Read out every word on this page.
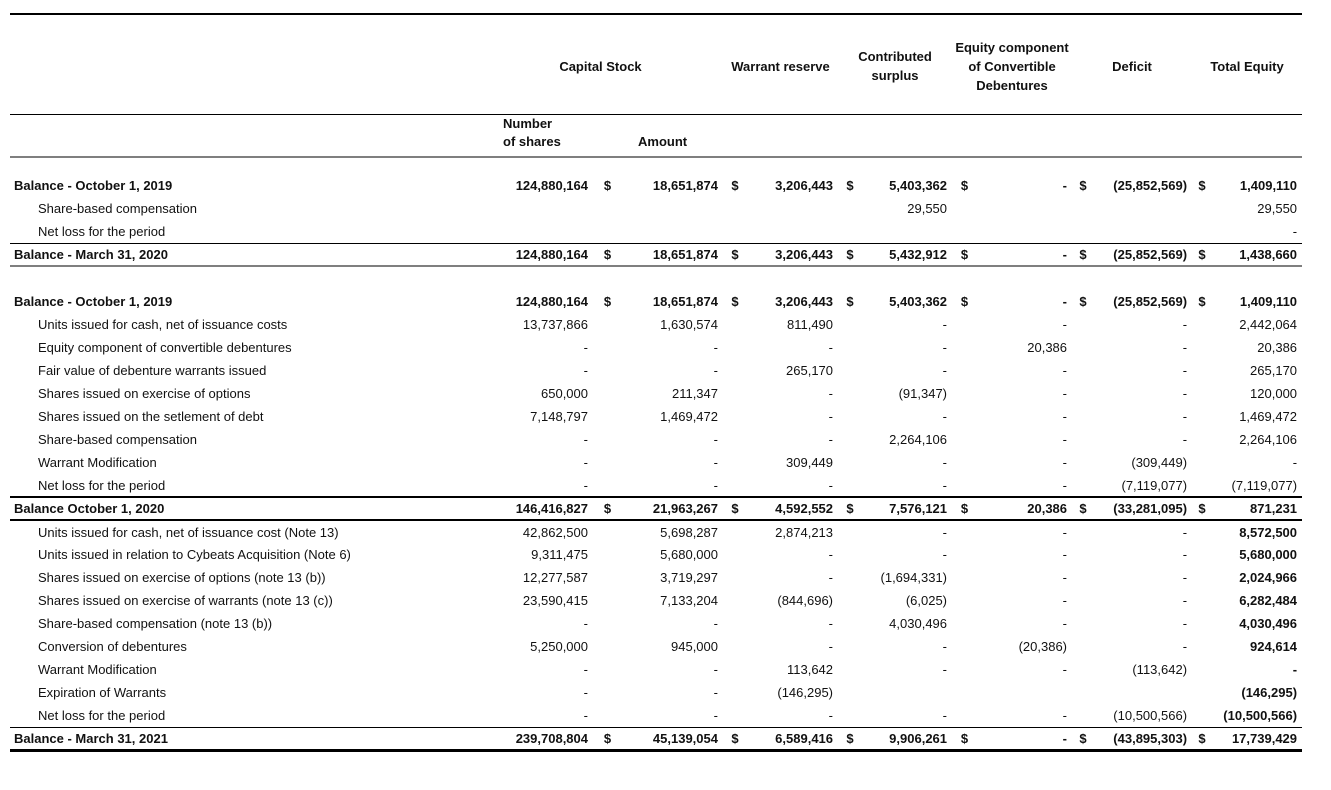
	Capital Stock			Warrant reserve		Contributed surplus		Equity component of Convertible Debentures		Deficit		Total Equity	

	Number
of shares		Amount										

Balance - October 1, 2019	124,880,164	$	18,651,874	$	3,206,443	$	5,403,362	$	-	$	(25,852,569)	$	1,409,110
Share-based compensation							29,550						29,550
Net loss for the period													-
Balance - March 31, 2020	124,880,164	$	18,651,874	$	3,206,443	$	5,432,912	$	-	$	(25,852,569)	$	1,438,660

Balance - October 1, 2019	124,880,164	$	18,651,874	$	3,206,443	$	5,403,362	$	-	$	(25,852,569)	$	1,409,110
Units issued for cash, net of issuance costs	13,737,866		1,630,574		811,490		-		-		-		2,442,064
Equity component of convertible debentures	-		-		-		-		20,386		-		20,386
Fair value of debenture warrants issued	-		-		265,170		-		-		-		265,170
Shares issued on exercise of options	650,000		211,347		-		(91,347)		-		-		120,000
Shares issued on the setlement of debt	7,148,797		1,469,472		-		-		-		-		1,469,472
Share-based compensation	-		-		-		2,264,106		-		-		2,264,106
Warrant Modification	-		-		309,449		-		-		(309,449)		-
Net loss for the period	-		-		-		-		-		(7,119,077)		(7,119,077)
Balance October 1, 2020	146,416,827	$	21,963,267	$	4,592,552	$	7,576,121	$	20,386	$	(33,281,095)	$	871,231
Units issued for cash, net of issuance cost (Note 13)	42,862,500		5,698,287		2,874,213		-		-		-		8,572,500
Units issued in relation to Cybeats Acquisition (Note 6)	9,311,475		5,680,000		-		-		-		-		5,680,000
Shares issued on exercise of options (note 13 (b))	12,277,587		3,719,297		-		(1,694,331)		-		-		2,024,966
Shares issued on exercise of warrants (note 13 (c))	23,590,415		7,133,204		(844,696)		(6,025)		-		-		6,282,484
Share-based compensation (note 13 (b))	-		-		-		4,030,496		-		-		4,030,496
Conversion of debentures	5,250,000		945,000		-		-		(20,386)		-		924,614
Warrant Modification	-		-		113,642		-		-		(113,642)		-
Expiration of Warrants	-		-		(146,295)								(146,295)
Net loss for the period	-		-		-		-		-		(10,500,566)		(10,500,566)
Balance - March 31, 2021	239,708,804	$	45,139,054	$	6,589,416	$	9,906,261	$	-	$	(43,895,303)	$	17,739,429
